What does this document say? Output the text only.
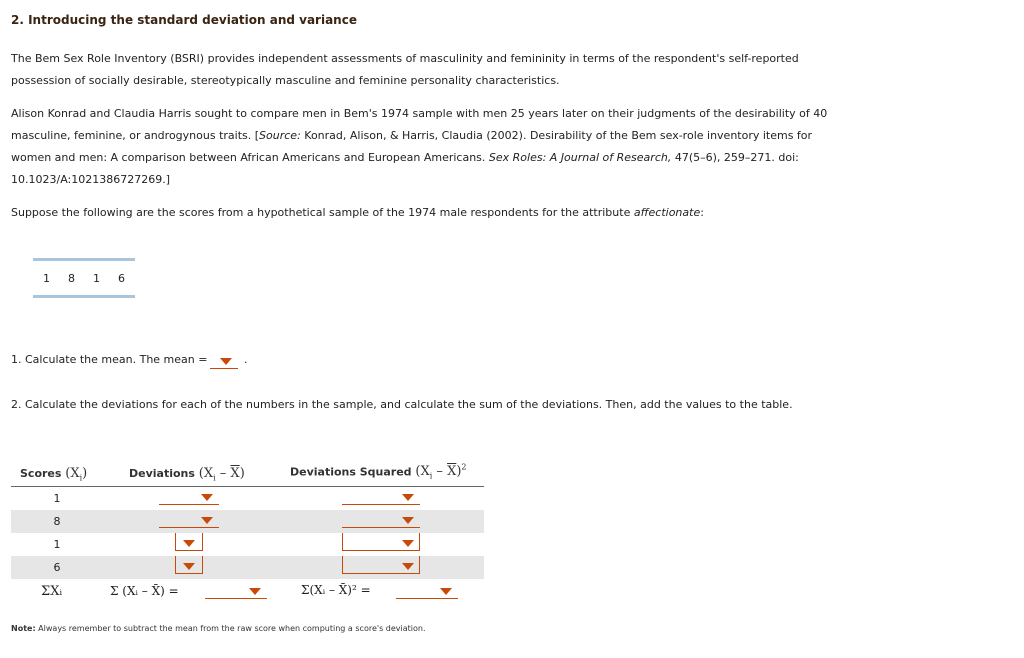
2. Introducing the standard deviation and variance
The Bem Sex Role Inventory (BSRI) provides independent assessments of masculinity and femininity in terms of the respondent's self-reported
possession of socially desirable, stereotypically masculine and feminine personality characteristics.
Alison Konrad and Claudia Harris sought to compare men in Bem's 1974 sample with men 25 years later on their judgments of the desirability of 40
masculine, feminine, or androgynous traits. [Source: Konrad, Alison, & Harris, Claudia (2002). Desirability of the Bem sex-role inventory items for
women and men: A comparison between African Americans and European Americans. Sex Roles: A Journal of Research, 47(5–6), 259–271. doi:
10.1023/A:1021386727269.]
Suppose the following are the scores from a hypothetical sample of the 1974 male respondents for the attribute affectionate:
1	8	1	6
1. Calculate the mean. The mean =	.
2. Calculate the deviations for each of the numbers in the sample, and calculate the sum of the deviations. Then, add the values to the table.
Scores $(X_i)$	Deviations $(X_i - \overline{X})$	Deviations Squared $(X_i - \overline{X})^2$
1
8
1
6
ΣXᵢ	Σ (Xᵢ – X̄) =	Σ(Xᵢ – X̄)² =
Note: Always remember to subtract the mean from the raw score when computing a score's deviation.
